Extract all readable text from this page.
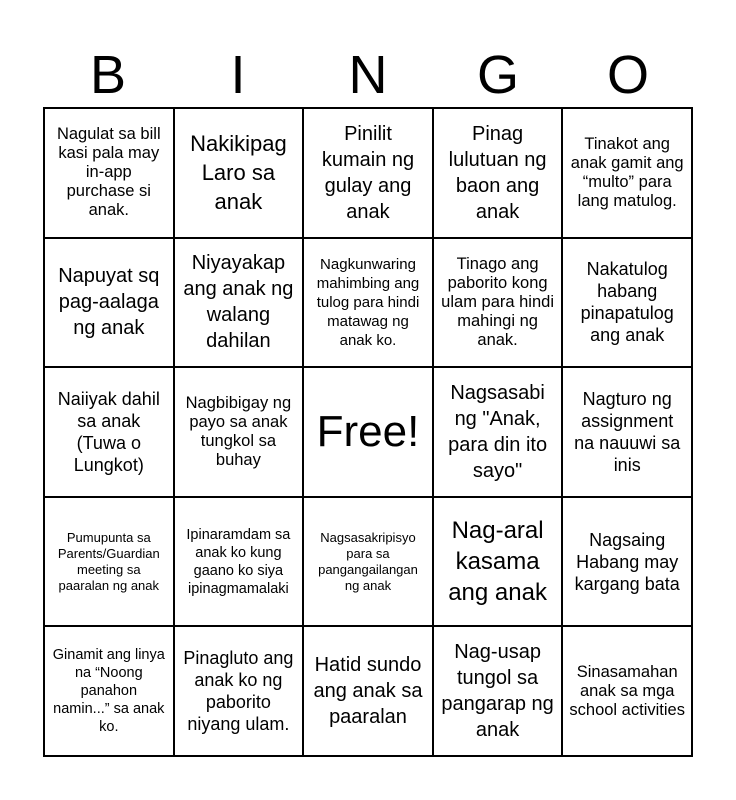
B	I	N	G	O
Nagulat sa bill kasi pala may in-app purchase si anak.
Nakikipag Laro sa anak
Pinilit kumain ng gulay ang anak
Pinag lulutuan ng baon ang anak
Tinakot ang anak gamit ang “multo” para lang matulog.
Napuyat sq pag-aalaga ng anak
Niyayakap ang anak ng walang dahilan
Nagkunwaring mahimbing ang tulog para hindi matawag ng anak ko.
Tinago ang paborito kong ulam para hindi mahingi ng anak.
Nakatulog habang pinapatulog ang anak
Naiiyak dahil sa anak (Tuwa o Lungkot)
Nagbibigay ng payo sa anak tungkol sa buhay
Free!
Nagsasabi ng "Anak, para din ito sayo"
Nagturo ng assignment na nauuwi sa inis
Pumupunta sa Parents/Guardian meeting sa paaralan ng anak
Ipinaramdam sa anak ko kung gaano ko siya ipinagmamalaki
Nagsasakripisyo para sa pangangailangan ng anak
Nag-aral kasama ang anak
Nagsaing Habang may kargang bata
Ginamit ang linya na “Noong panahon namin...” sa anak ko.
Pinagluto ang anak ko ng paborito niyang ulam.
Hatid sundo ang anak sa paaralan
Nag-usap tungol sa pangarap ng anak
Sinasamahan anak sa mga school activities
